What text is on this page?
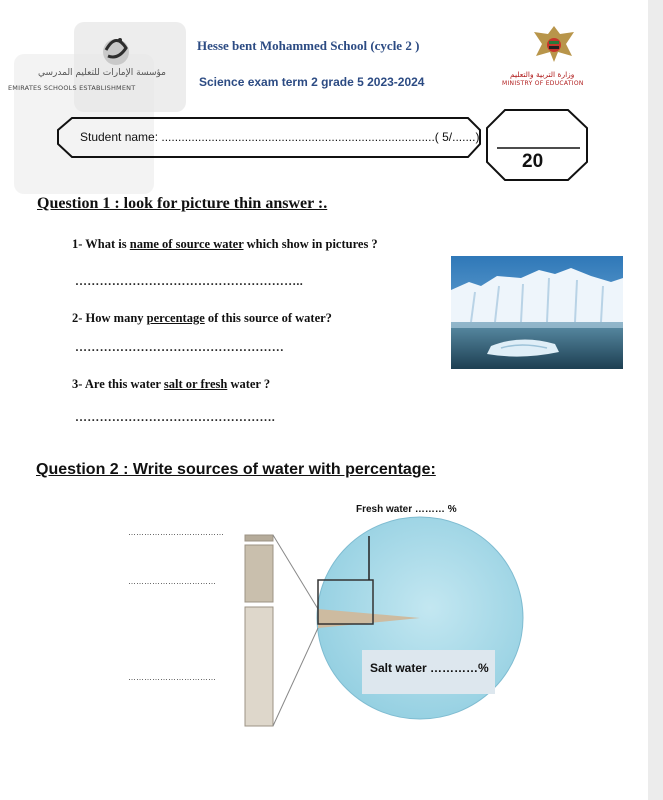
مؤسسة الإمارات للتعليم المدرسي
EMIRATES SCHOOLS ESTABLISHMENT
Hesse bent Mohammed School (cycle 2 )
Science exam term 2 grade 5 2023-2024
وزارة التربية والتعليم
MINISTRY OF EDUCATION
Student name: ..................................................................................( 5/.......)
20
Question 1 : look for picture thin answer :.
1- What is name of source water which show in pictures ?
………………………………………………..
2- How many percentage of this source of water?
……………………………………………
3- Are this water salt or fresh water ?
………………………………………….
Question 2 : Write sources of water with percentage:
Fresh water ……… %
Salt water …………%
………………………………
……………………………
……………………………
